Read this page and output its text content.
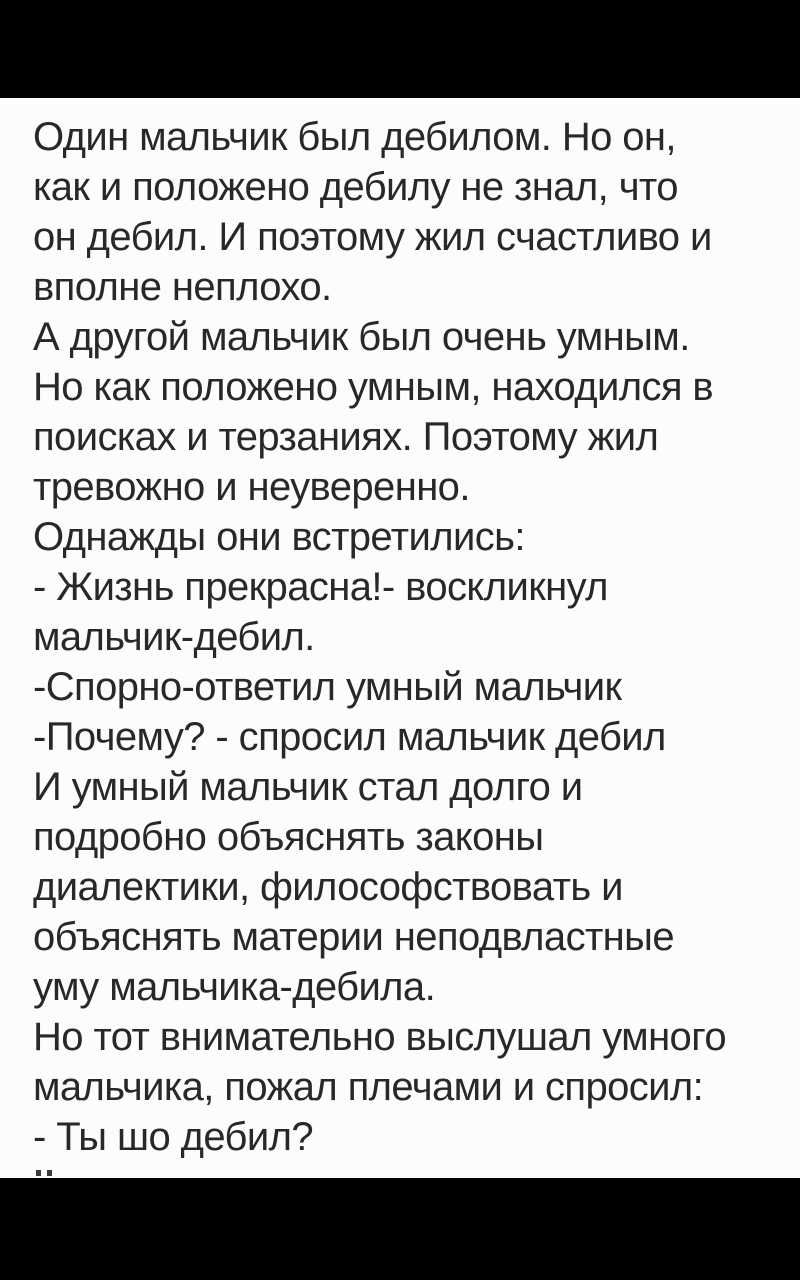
Один мальчик был дебилом. Но он,
как и положено дебилу не знал, что
он дебил. И поэтому жил счастливо и
вполне неплохо.
А другой мальчик был очень умным.
Но как положено умным, находился в
поисках и терзаниях. Поэтому жил
тревожно и неуверенно.
Однажды они встретились:
- Жизнь прекрасна!- воскликнул
мальчик-дебил.
-Спорно-ответил умный мальчик
-Почему? - спросил мальчик дебил
И умный мальчик стал долго и
подробно объяснять законы
диалектики, философствовать и
объяснять материи неподвластные
уму мальчика-дебила.
Но тот внимательно выслушал умного
мальчика, пожал плечами и спросил:
- Ты шо дебил?
